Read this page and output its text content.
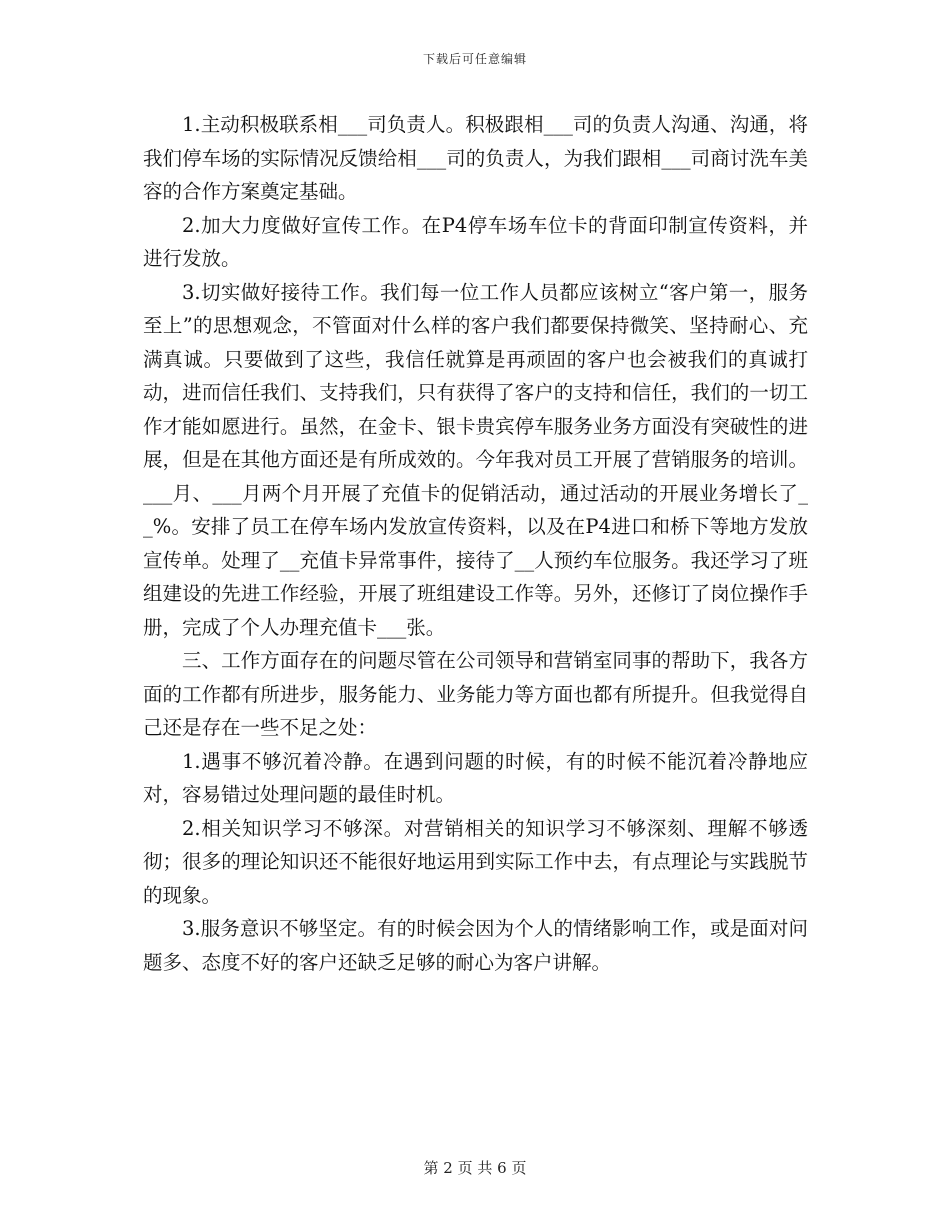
下载后可任意编辑

1.主动积极联系相___司负责人。积极跟相___司的负责人沟通、沟通，将我们停车场的实际情况反馈给相___司的负责人，为我们跟相___司商讨洗车美容的合作方案奠定基础。

2.加大力度做好宣传工作。在P4停车场车位卡的背面印制宣传资料，并进行发放。

3.切实做好接待工作。我们每一位工作人员都应该树立“客户第一，服务至上”的思想观念，不管面对什么样的客户我们都要保持微笑、坚持耐心、充满真诚。只要做到了这些，我信任就算是再顽固的客户也会被我们的真诚打动，进而信任我们、支持我们，只有获得了客户的支持和信任，我们的一切工作才能如愿进行。虽然，在金卡、银卡贵宾停车服务业务方面没有突破性的进展，但是在其他方面还是有所成效的。今年我对员工开展了营销服务的培训。___月、___月两个月开展了充值卡的促销活动，通过活动的开展业务增长了__%。安排了员工在停车场内发放宣传资料，以及在P4进口和桥下等地方发放宣传单。处理了__充值卡异常事件，接待了__人预约车位服务。我还学习了班组建设的先进工作经验，开展了班组建设工作等。另外，还修订了岗位操作手册，完成了个人办理充值卡___张。

三、工作方面存在的问题尽管在公司领导和营销室同事的帮助下，我各方面的工作都有所进步，服务能力、业务能力等方面也都有所提升。但我觉得自己还是存在一些不足之处：

1.遇事不够沉着冷静。在遇到问题的时候，有的时候不能沉着冷静地应对，容易错过处理问题的最佳时机。

2.相关知识学习不够深。对营销相关的知识学习不够深刻、理解不够透彻；很多的理论知识还不能很好地运用到实际工作中去，有点理论与实践脱节的现象。

3.服务意识不够坚定。有的时候会因为个人的情绪影响工作，或是面对问题多、态度不好的客户还缺乏足够的耐心为客户讲解。

第 2 页 共 6 页
